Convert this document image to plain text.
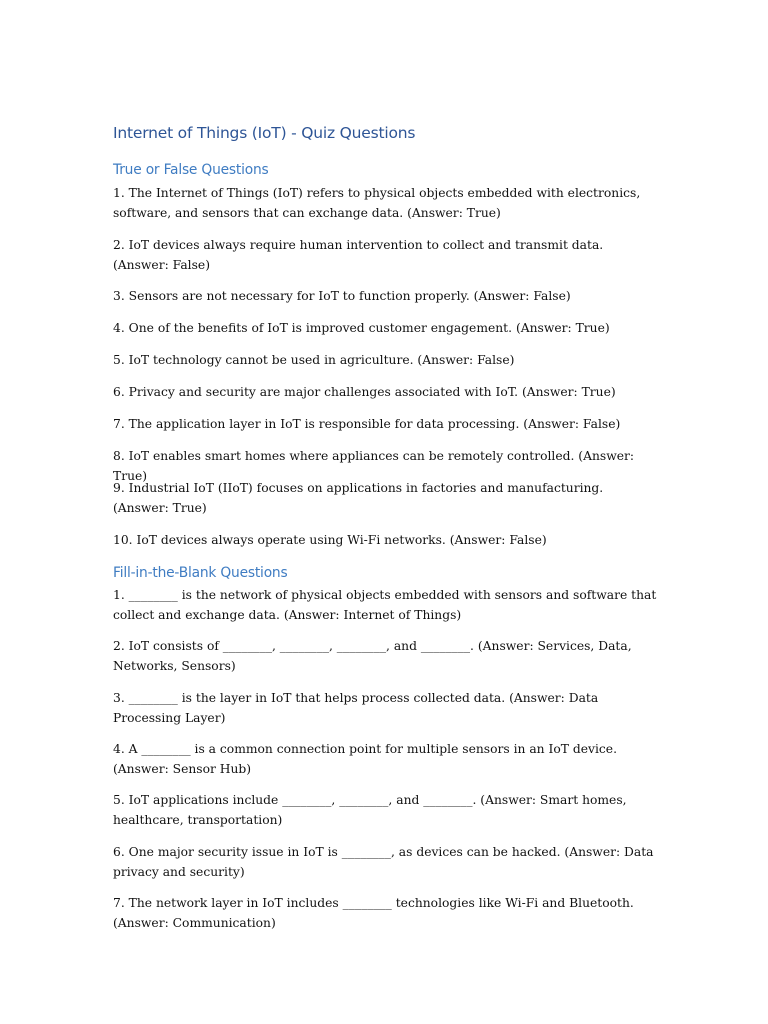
Internet of Things (IoT) - Quiz Questions
True or False Questions

1. The Internet of Things (IoT) refers to physical objects embedded with electronics, software, and sensors that can exchange data. (Answer: True)

2. IoT devices always require human intervention to collect and transmit data. (Answer: False)

3. Sensors are not necessary for IoT to function properly. (Answer: False)

4. One of the benefits of IoT is improved customer engagement. (Answer: True)

5. IoT technology cannot be used in agriculture. (Answer: False)

6. Privacy and security are major challenges associated with IoT. (Answer: True)

7. The application layer in IoT is responsible for data processing. (Answer: False)

8. IoT enables smart homes where appliances can be remotely controlled. (Answer: True)

9. Industrial IoT (IIoT) focuses on applications in factories and manufacturing. (Answer: True)

10. IoT devices always operate using Wi-Fi networks. (Answer: False)

Fill-in-the-Blank Questions

1. ________ is the network of physical objects embedded with sensors and software that collect and exchange data. (Answer: Internet of Things)

2. IoT consists of ________, ________, ________, and ________. (Answer: Services, Data, Networks, Sensors)

3. ________ is the layer in IoT that helps process collected data. (Answer: Data Processing Layer)

4. A ________ is a common connection point for multiple sensors in an IoT device. (Answer: Sensor Hub)

5. IoT applications include ________, ________, and ________. (Answer: Smart homes, healthcare, transportation)

6. One major security issue in IoT is ________, as devices can be hacked. (Answer: Data privacy and security)

7. The network layer in IoT includes ________ technologies like Wi-Fi and Bluetooth. (Answer: Communication)
